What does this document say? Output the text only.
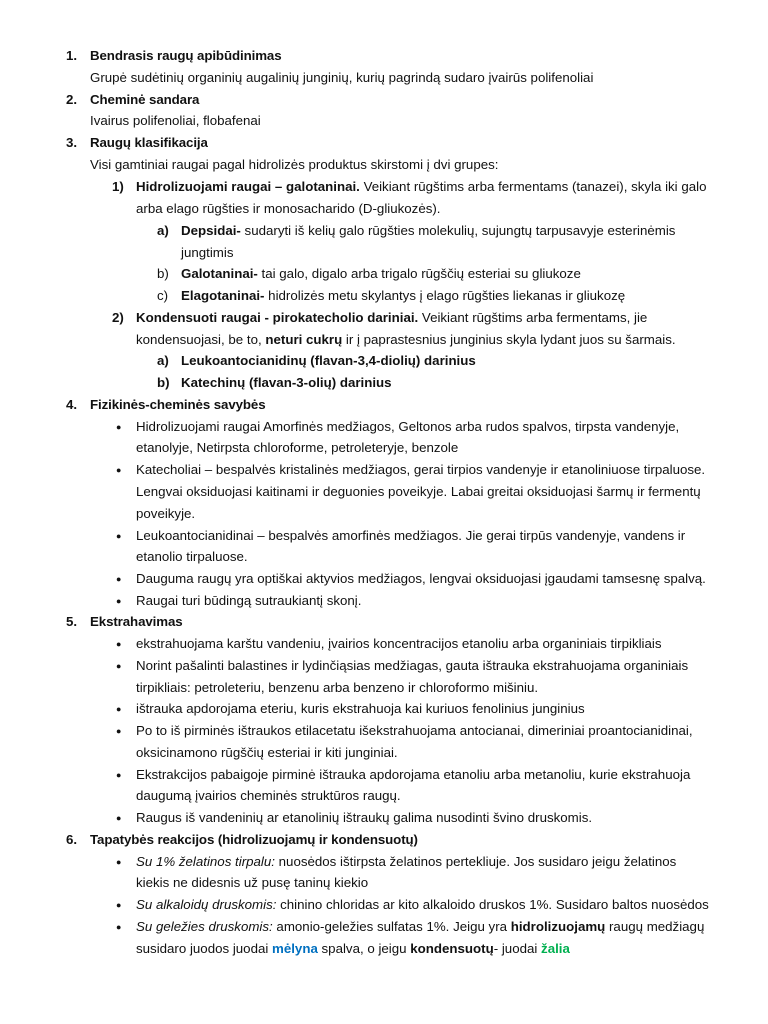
1. Bendrasis raugų apibūdinimas
Grupė sudėtinių organinių augalinių junginių, kurių pagrindą sudaro įvairūs polifenoliai
2. Cheminė sandara
Ivairus polifenoliai, flobafenai
3. Raugų klasifikacija
Visi gamtiniai raugai pagal hidrolizės produktus skirstomi į dvi grupes:
1) Hidrolizuojami raugai – galotaninai. Veikiant rūgštims arba fermentams (tanazei), skyla iki galo
arba elago rūgšties ir monosacharido (D-gliukozės).
a) Depsidai- sudaryti iš kelių galo rūgšties molekulių, sujungtų tarpusavyje esterinėmis
jungtimis
b) Galotaninai- tai galo, digalo arba trigalo rūgščių esteriai su gliukoze
c) Elagotaninai- hidrolizės metu skylantys į elago rūgšties liekanas ir gliukozę
2) Kondensuoti raugai - pirokatecholio dariniai. Veikiant rūgštims arba fermentams, jie
kondensuojasi, be to, neturi cukrų ir į paprastesnius junginius skyla lydant juos su šarmais.
a) Leukoantocianidinų (flavan-3,4-diolių) darinius
b) Katechinų (flavan-3-olių) darinius
4. Fizikinės-cheminės savybės
● Hidrolizuojami raugai Amorfinės medžiagos, Geltonos arba rudos spalvos, tirpsta vandenyje,
etanolyje, Netirpsta chloroforme, petroleteryje, benzole
● Katecholiai – bespalvės kristalinės medžiagos, gerai tirpios vandenyje ir etanoliniuose tirpaluose.
Lengvai oksiduojasi kaitinami ir deguonies poveikyje. Labai greitai oksiduojasi šarmų ir fermentų
poveikyje.
● Leukoantocianidinai – bespalvės amorfinės medžiagos. Jie gerai tirpūs vandenyje, vandens ir
etanolio tirpaluose.
● Dauguma raugų yra optiškai aktyvios medžiagos, lengvai oksiduojasi įgaudami tamsesnę spalvą.
● Raugai turi būdingą sutraukiantį skonį.
5. Ekstrahavimas
● ekstrahuojama karštu vandeniu, įvairios koncentracijos etanoliu arba organiniais tirpikliais
● Norint pašalinti balastines ir lydinčiąsias medžiagas, gauta ištrauka ekstrahuojama organiniais
tirpikliais: petroleteriu, benzenu arba benzeno ir chloroformo mišiniu.
● ištrauka apdorojama eteriu, kuris ekstrahuoja kai kuriuos fenolinius junginius
● Po to iš pirminės ištraukos etilacetatu išekstrahuojama antocianai, dimeriniai proantocianidinai,
oksicinamono rūgščių esteriai ir kiti junginiai.
● Ekstrakcijos pabaigoje pirminė ištrauka apdorojama etanoliu arba metanoliu, kurie ekstrahuoja
daugumą įvairios cheminės struktūros raugų.
● Raugus iš vandeninių ar etanolinių ištraukų galima nusodinti švino druskomis.
6. Tapatybės reakcijos (hidrolizuojamų ir kondensuotų)
● Su 1% želatinos tirpalu: nuosėdos ištirpsta želatinos perteklіuje. Jos susidaro jeigu želatinos
kiekis ne didesnis už pusę taninų kiekio
● Su alkaloidų druskomis: chinino chloridas ar kito alkaloido druskos 1%. Susidaro baltos nuosėdos
● Su geležies druskomis: amonio-geležies sulfatas 1%. Jeigu yra hidrolizuojamų raugų medžiagų
susidaro juodos juodai mėlyna spalva, o jeigu kondensuotų- juodai žalia
